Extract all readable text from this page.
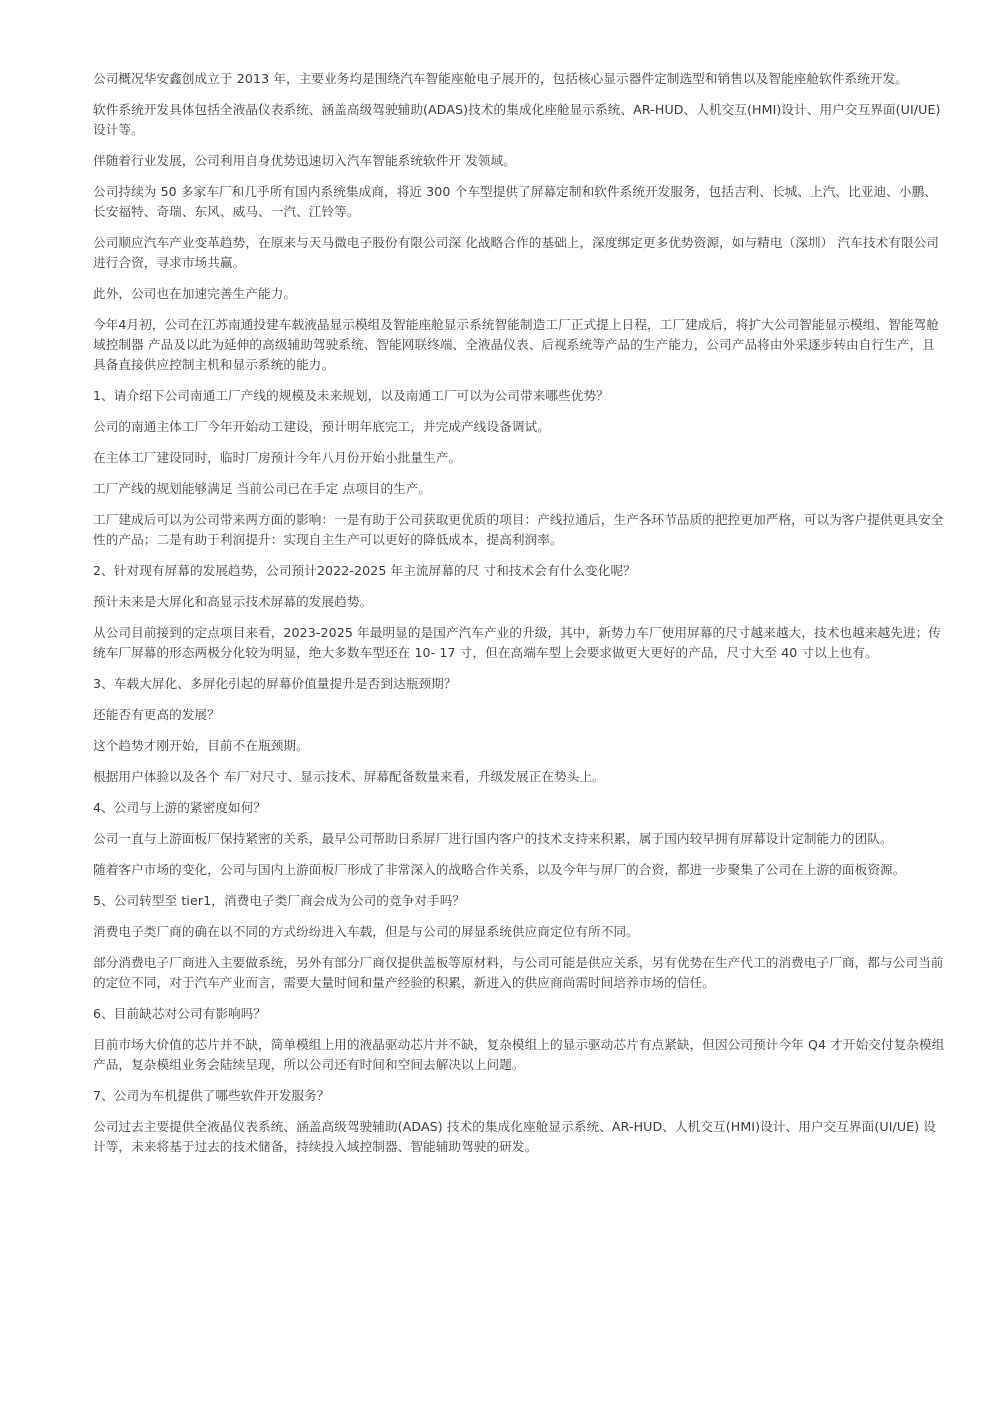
公司概况华安鑫创成立于 2013 年，主要业务均是围绕汽车智能座舱电子展开的，包括核心显示器件定制选型和销售以及智能座舱软件系统开发。

软件系统开发具体包括全液晶仪表系统、涵盖高级驾驶辅助(ADAS)技术的集成化座舱显示系统、AR-HUD、人机交互(HMI)设计、用户交互界面(UI/UE) 设计等。

伴随着行业发展，公司利用自身优势迅速切入汽车智能系统软件开 发领域。

公司持续为 50 多家车厂和几乎所有国内系统集成商，将近 300 个车型提供了屏幕定制和软件系统开发服务，包括吉利、长城、上汽、比亚迪、小鹏、长安福特、奇瑞、东风、威马、一汽、江铃等。

公司顺应汽车产业变革趋势，在原来与天马微电子股份有限公司深 化战略合作的基础上，深度绑定更多优势资源，如与精电（深圳） 汽车技术有限公司进行合资，寻求市场共赢。

此外，公司也在加速完善生产能力。

今年4月初，公司在江苏南通投建车载液晶显示模组及智能座舱显示系统智能制造工厂正式提上日程，工厂建成后，将扩大公司智能显示模组、智能驾舱域控制器 产品及以此为延伸的高级辅助驾驶系统、智能网联终端、全液晶仪表、后视系统等产品的生产能力，公司产品将由外采逐步转由自行生产，且具备直接供应控制主机和显示系统的能力。

1、请介绍下公司南通工厂产线的规模及未来规划，以及南通工厂可以为公司带来哪些优势？

公司的南通主体工厂今年开始动工建设，预计明年底完工，并完成产线设备调试。

在主体工厂建设同时，临时厂房预计今年八月份开始小批量生产。

工厂产线的规划能够满足 当前公司已在手定 点项目的生产。

工厂建成后可以为公司带来两方面的影响：一是有助于公司获取更优质的项目：产线拉通后，生产各环节品质的把控更加严格，可以为客户提供更具安全性的产品；二是有助于利润提升：实现自主生产可以更好的降低成本，提高利润率。

2、针对现有屏幕的发展趋势，公司预计2022-2025 年主流屏幕的尺 寸和技术会有什么变化呢？

预计未来是大屏化和高显示技术屏幕的发展趋势。

从公司目前接到的定点项目来看，2023-2025 年最明显的是国产汽车产业的升级，其中，新势力车厂使用屏幕的尺寸越来越大，技术也越来越先进；传统车厂屏幕的形态两极分化较为明显，绝大多数车型还在 10- 17 寸，但在高端车型上会要求做更大更好的产品，尺寸大至 40 寸以上也有。

3、车载大屏化、多屏化引起的屏幕价值量提升是否到达瓶颈期？

还能否有更高的发展？

这个趋势才刚开始，目前不在瓶颈期。

根据用户体验以及各个 车厂对尺寸、显示技术、屏幕配备数量来看，升级发展正在势头上。

4、公司与上游的紧密度如何？

公司一直与上游面板厂保持紧密的关系，最早公司帮助日系屏厂进行国内客户的技术支持来积累，属于国内较早拥有屏幕设计定制能力的团队。

随着客户市场的变化，公司与国内上游面板厂形成了非常深入的战略合作关系，以及今年与屏厂的合资，都进一步聚集了公司在上游的面板资源。

5、公司转型至 tier1，消费电子类厂商会成为公司的竞争对手吗？

消费电子类厂商的确在以不同的方式纷纷进入车载，但是与公司的屏显系统供应商定位有所不同。

部分消费电子厂商进入主要做系统，另外有部分厂商仅提供盖板等原材料，与公司可能是供应关系，另有优势在生产代工的消费电子厂商，都与公司当前的定位不同，对于汽车产业而言，需要大量时间和量产经验的积累，新进入的供应商尚需时间培养市场的信任。

6、目前缺芯对公司有影响吗？

目前市场大价值的芯片并不缺，简单模组上用的液晶驱动芯片并不缺，复杂模组上的显示驱动芯片有点紧缺，但因公司预计今年 Q4 才开始交付复杂模组产品，复杂模组业务会陆续呈现，所以公司还有时间和空间去解决以上问题。

7、公司为车机提供了哪些软件开发服务？

公司过去主要提供全液晶仪表系统、涵盖高级驾驶辅助(ADAS) 技术的集成化座舱显示系统、AR-HUD、人机交互(HMI)设计、用户交互界面(UI/UE) 设计等，未来将基于过去的技术储备，持续投入域控制器、智能辅助驾驶的研发。
